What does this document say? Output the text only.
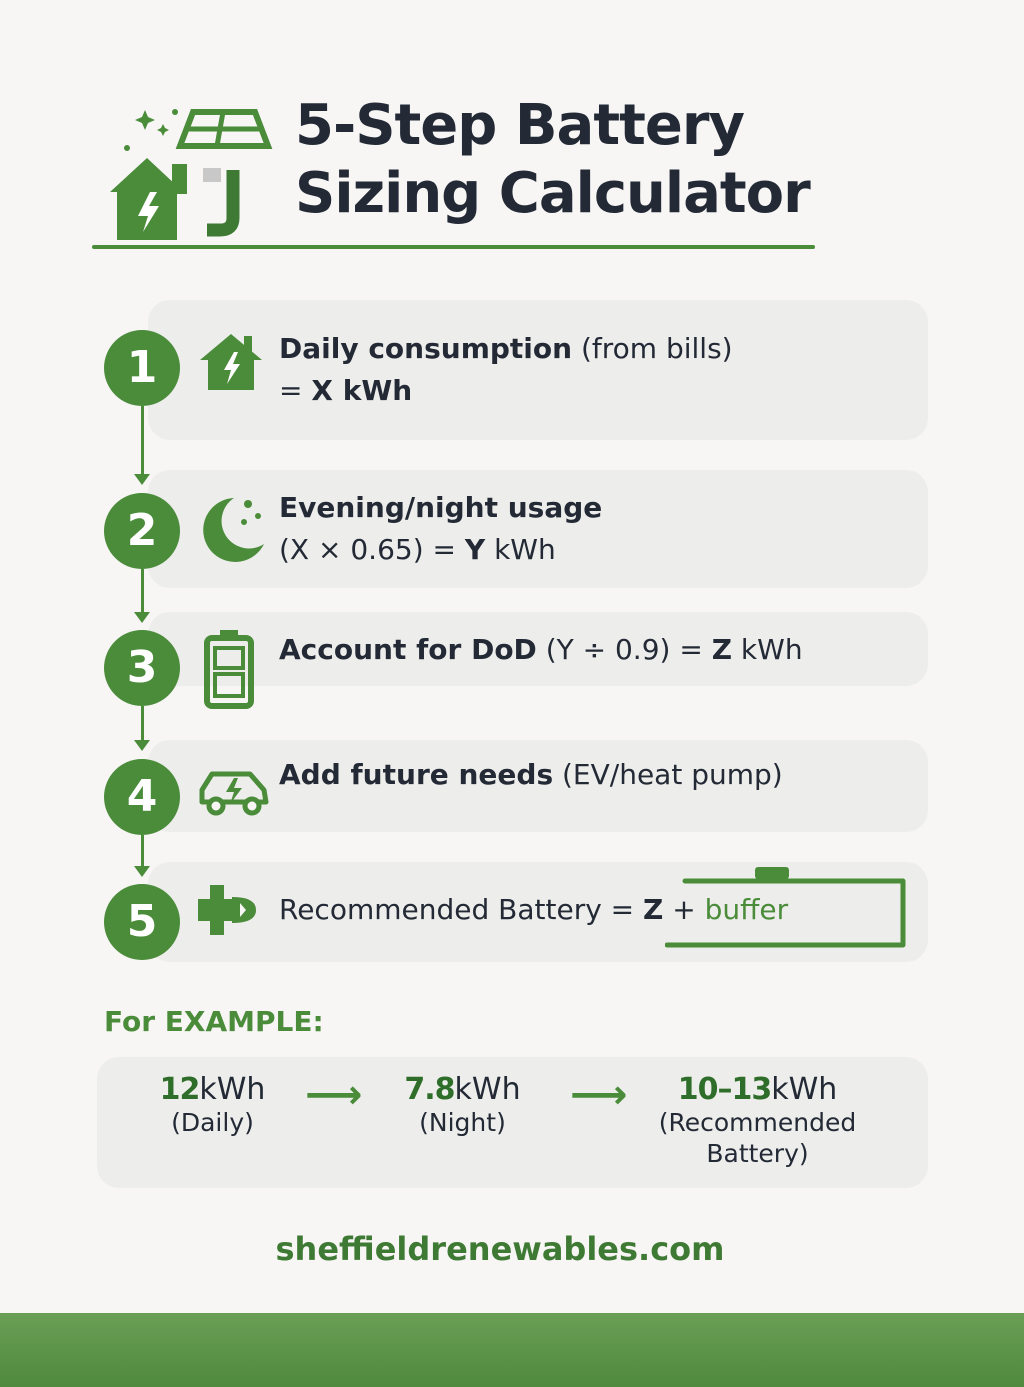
5-Step Battery
Sizing Calculator
1
2
3
4
5
Daily consumption (from bills)
= X kWh
Evening/night usage
(X × 0.65) = Y kWh
Account for DoD (Y ÷ 0.9) = Z kWh
Add future needs (EV/heat pump)
Recommended Battery = Z + buffer
For EXAMPLE:
12kWh
(Daily)
⟶	7.8kWh
(Night)
⟶	10–13kWh
(Recommended Battery)
sheffieldrenewables.com
